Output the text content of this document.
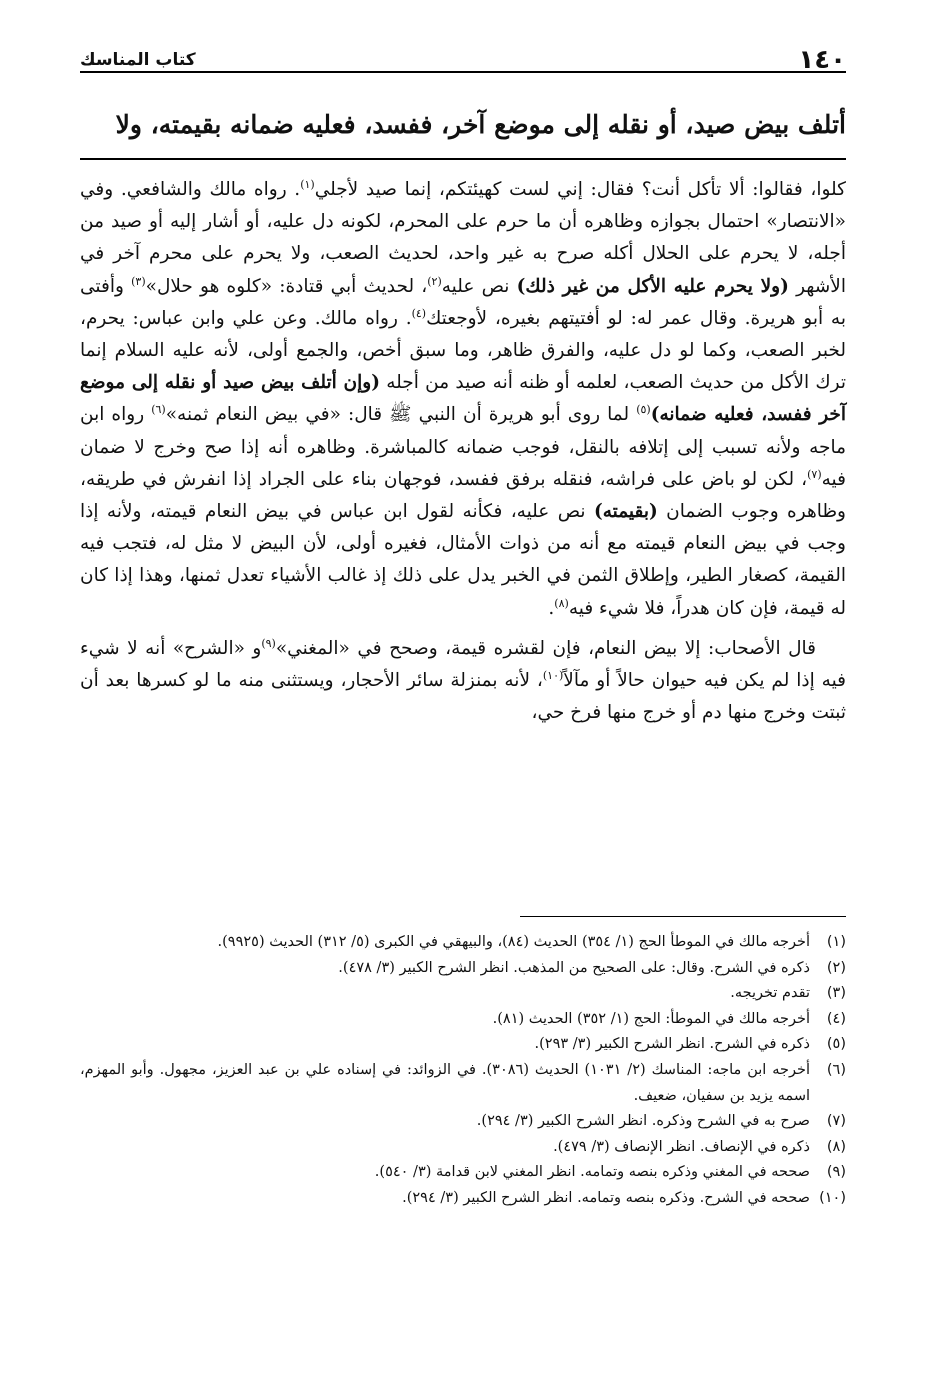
١٤٠
كتاب المناسك
أتلف بيض صيد، أو نقله إلى موضع آخر، ففسد، فعليه ضمانه بقيمته، ولا

كلوا، فقالوا: ألا تأكل أنت؟ فقال: إني لست كهيئتكم، إنما صيد لأجلي$^{(١)}$. رواه مالك والشافعي. وفي «الانتصار» احتمال بجوازه وظاهره أن ما حرم على المحرم، لكونه دل عليه، أو أشار إليه أو صيد من أجله، لا يحرم على الحلال أكله صرح به غير واحد، لحديث الصعب، ولا يحرم على محرم آخر في الأشهر (ولا يحرم عليه الأكل من غير ذلك) نص عليه$^{(٢)}$، لحديث أبي قتادة: «كلوه هو حلال»$^{(٣)}$ وأفتى به أبو هريرة. وقال عمر له: لو أفتيتهم بغيره، لأوجعتك$^{(٤)}$. رواه مالك. وعن علي وابن عباس: يحرم، لخبر الصعب، وكما لو دل عليه، والفرق ظاهر، وما سبق أخص، والجمع أولى، لأنه عليه السلام إنما ترك الأكل من حديث الصعب، لعلمه أو ظنه أنه صيد من أجله (وإن أتلف بيض صيد أو نقله إلى موضع آخر ففسد، فعليه ضمانه)$^{(٥)}$ لما روى أبو هريرة أن النبي ﷺ قال: «في بيض النعام ثمنه»$^{(٦)}$ رواه ابن ماجه ولأنه تسبب إلى إتلافه بالنقل، فوجب ضمانه كالمباشرة. وظاهره أنه إذا صح وخرج لا ضمان فيه$^{(٧)}$، لكن لو باض على فراشه، فنقله برفق ففسد، فوجهان بناء على الجراد إذا انفرش في طريقه، وظاهره وجوب الضمان (بقيمته) نص عليه، فكأنه لقول ابن عباس في بيض النعام قيمته، ولأنه إذا وجب في بيض النعام قيمته مع أنه من ذوات الأمثال، فغيره أولى، لأن البيض لا مثل له، فتجب فيه القيمة، كصغار الطير، وإطلاق الثمن في الخبر يدل على ذلك إذ غالب الأشياء تعدل ثمنها، وهذا إذا كان له قيمة، فإن كان هدراً، فلا شيء فيه$^{(٨)}$.

قال الأصحاب: إلا بيض النعام، فإن لقشره قيمة، وصحح في «المغني»$^{(٩)}$و «الشرح» أنه لا شيء فيه إذا لم يكن فيه حيوان حالاً أو مآلاً$^{(١٠)}$، لأنه بمنزلة سائر الأحجار، ويستثنى منه ما لو كسرها بعد أن ثبتت وخرج منها دم أو خرج منها فرخ حي،

(١)
أخرجه مالك في الموطأ الحج (١/ ٣٥٤) الحديث (٨٤)، والبيهقي في الكبرى (٥/ ٣١٢) الحديث (٩٩٢٥).
(٢)
ذكره في الشرح. وقال: على الصحيح من المذهب. انظر الشرح الكبير (٣/ ٤٧٨).
(٣)
تقدم تخريجه.
(٤)
أخرجه مالك في الموطأ: الحج (١/ ٣٥٢) الحديث (٨١).
(٥)
ذكره في الشرح. انظر الشرح الكبير (٣/ ٢٩٣).
(٦)
أخرجه ابن ماجه: المناسك (٢/ ١٠٣١) الحديث (٣٠٨٦). في الزوائد: في إسناده علي بن عبد العزيز، مجهول. وأبو المهزم، اسمه يزيد بن سفيان، ضعيف.
(٧)
صرح به في الشرح وذكره. انظر الشرح الكبير (٣/ ٢٩٤).
(٨)
ذكره في الإنصاف. انظر الإنصاف (٣/ ٤٧٩).
(٩)
صححه في المغني وذكره بنصه وتمامه. انظر المغني لابن قدامة (٣/ ٥٤٠).
(١٠)
صححه في الشرح. وذكره بنصه وتمامه. انظر الشرح الكبير (٣/ ٢٩٤).
